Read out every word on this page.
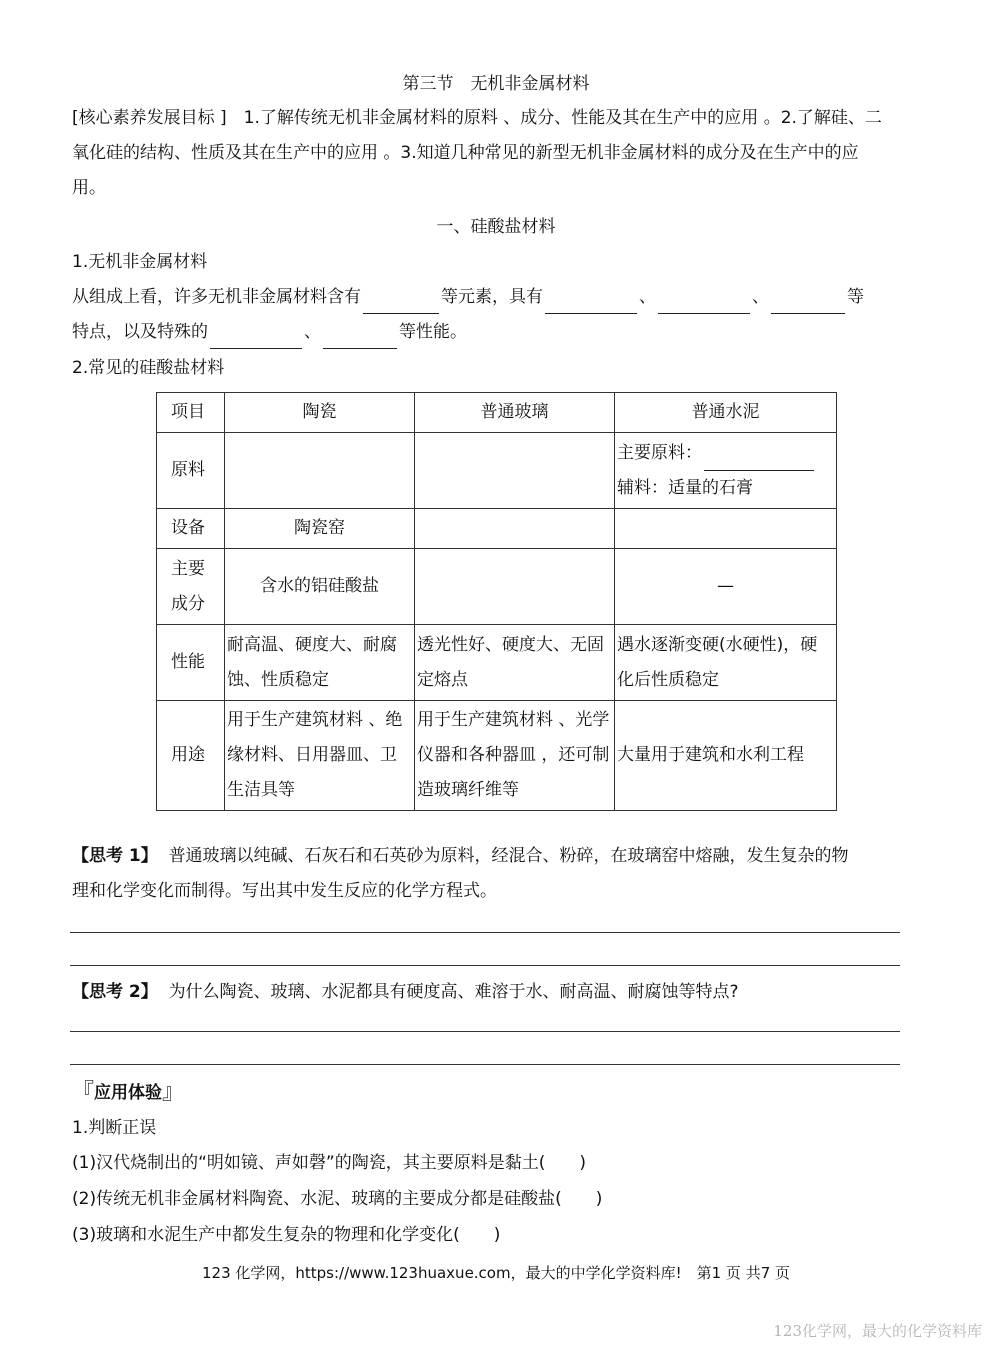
第三节　无机非金属材料
[核心素养发展目标 ]　1.了解传统无机非金属材料的原料 、成分、性能及其在生产中的应用 。2.了解硅、二
氧化硅的结构、性质及其在生产中的应用 。3.知道几种常见的新型无机非金属材料的成分及在生产中的应
用。
一、硅酸盐材料
1.无机非金属材料
从组成上看，许多无机非金属材料含有	等元素，具有	、	、	等
特点，以及特殊的	、	等性能。
2.常见的硅酸盐材料
项目	陶瓷	普通玻璃	普通水泥
原料			主要原料：
辅料：适量的石膏

设备	陶瓷窑		

主要
成分	含水的铝硅酸盐		—
性能	耐高温、硬度大、耐腐蚀、性质稳定	透光性好、硬度大、无固定熔点	遇水逐渐变硬(水硬性)，硬化后性质稳定
用途	用于生产建筑材料 、绝缘材料、日用器皿、卫生洁具等	用于生产建筑材料 、光学仪器和各种器皿 ，还可制造玻璃纤维等	大量用于建筑和水利工程
【思考 1】 普通玻璃以纯碱、石灰石和石英砂为原料，经混合、粉碎，在玻璃窑中熔融，发生复杂的物
理和化学变化而制得。写出其中发生反应的化学方程式。
【思考 2】 为什么陶瓷、玻璃、水泥都具有硬度高、难溶于水、耐高温、耐腐蚀等特点?
『应用体验』
1.判断正误
(1)汉代烧制出的“明如镜、声如磬”的陶瓷，其主要原料是黏土(　　)
(2)传统无机非金属材料陶瓷、水泥、玻璃的主要成分都是硅酸盐(　　)
(3)玻璃和水泥生产中都发生复杂的物理和化学变化(　　)
123 化学网，https://www.123huaxue.com，最大的中学化学资料库!　第1 页 共7 页
123化学网，最大的化学资料库
